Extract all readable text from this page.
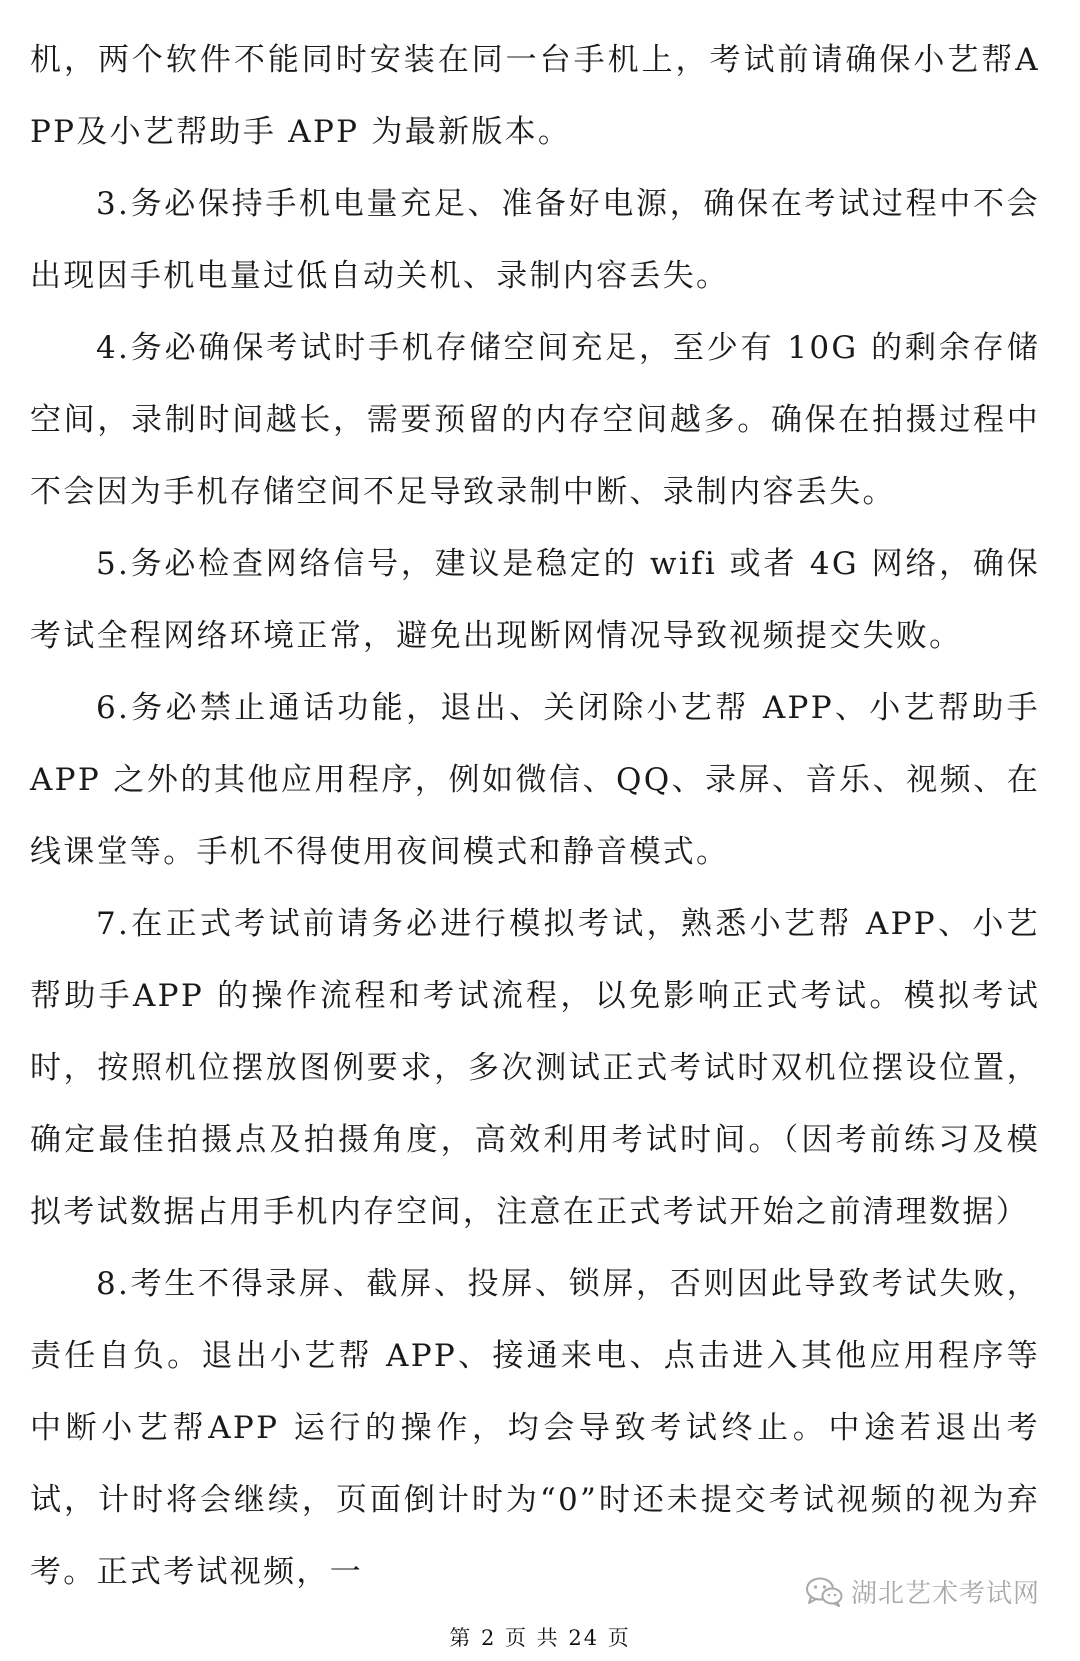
机，两个软件不能同时安装在同一台手机上，考试前请确保小艺帮APP及小艺帮助手 APP 为最新版本。

3.务必保持手机电量充足、准备好电源，确保在考试过程中不会出现因手机电量过低自动关机、录制内容丢失。

4.务必确保考试时手机存储空间充足，至少有 10G 的剩余存储空间，录制时间越长，需要预留的内存空间越多。确保在拍摄过程中不会因为手机存储空间不足导致录制中断、录制内容丢失。

5.务必检查网络信号，建议是稳定的 wifi 或者 4G 网络，确保考试全程网络环境正常，避免出现断网情况导致视频提交失败。

6.务必禁止通话功能，退出、关闭除小艺帮 APP、小艺帮助手 APP 之外的其他应用程序，例如微信、QQ、录屏、音乐、视频、在线课堂等。手机不得使用夜间模式和静音模式。

7.在正式考试前请务必进行模拟考试，熟悉小艺帮 APP、小艺帮助手APP 的操作流程和考试流程，以免影响正式考试。模拟考试时，按照机位摆放图例要求，多次测试正式考试时双机位摆设位置，确定最佳拍摄点及拍摄角度，高效利用考试时间。（因考前练习及模拟考试数据占用手机内存空间，注意在正式考试开始之前清理数据）

8.考生不得录屏、截屏、投屏、锁屏，否则因此导致考试失败，责任自负。退出小艺帮 APP、接通来电、点击进入其他应用程序等中断小艺帮APP 运行的操作，均会导致考试终止。中途若退出考试，计时将会继续，页面倒计时为“0”时还未提交考试视频的视为弃考。正式考试视频，一

湖北艺术考试网
第 2 页 共 24 页
